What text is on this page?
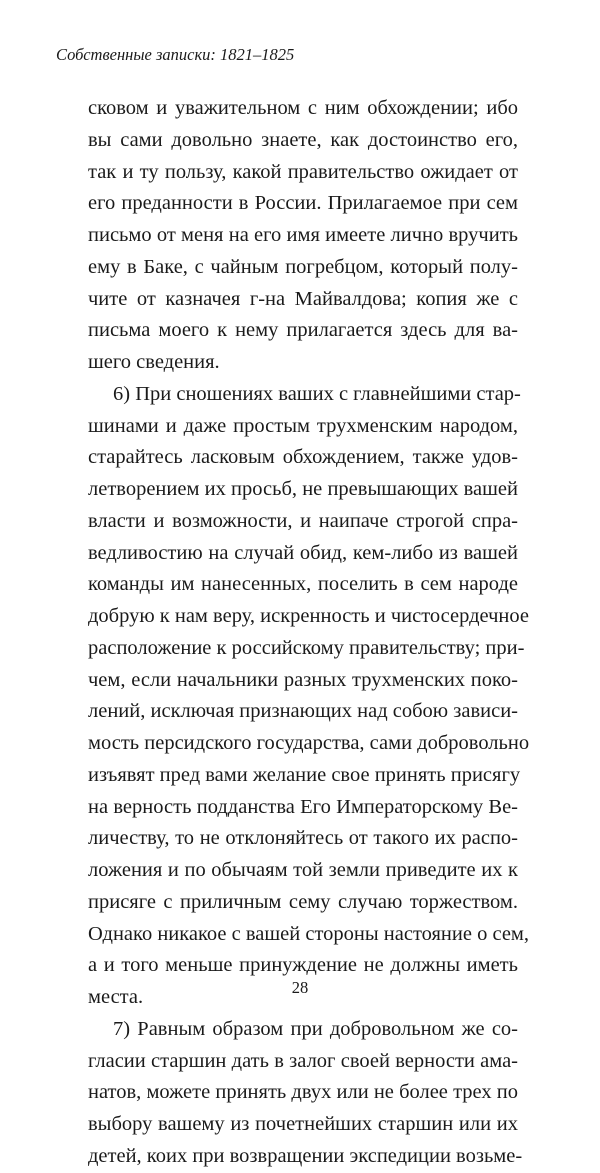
Собственные записки: 1821–1825
сковом и уважительном с ним обхождении; ибо
вы сами довольно знаете, как достоинство его,
так и ту пользу, какой правительство ожидает от
его преданности в России. Прилагаемое при сем
письмо от меня на его имя имеете лично вручить
ему в Баке, с чайным погребцом, который полу-
чите от казначея г-на Майвалдова; копия же с
письма моего к нему прилагается здесь для ва-
шего сведения.
6) При сношениях ваших с главнейшими стар-
шинами и даже простым трухменским народом,
старайтесь ласковым обхождением, также удов-
летворением их просьб, не превышающих вашей
власти и возможности, и наипаче строгой спра-
ведливостию на случай обид, кем-либо из вашей
команды им нанесенных, поселить в сем народе
добрую к нам веру, искренность и чистосердечное
расположение к российскому правительству; при-
чем, если начальники разных трухменских поко-
лений, исключая признающих над собою зависи-
мость персидского государства, сами добровольно
изъявят пред вами желание свое принять присягу
на верность подданства Его Императорскому Ве-
личеству, то не отклоняйтесь от такого их распо-
ложения и по обычаям той земли приведите их к
присяге с приличным сему случаю торжеством.
Однако никакое с вашей стороны настояние о сем,
а и того меньше принуждение не должны иметь
места.
7) Равным образом при добровольном же со-
гласии старшин дать в залог своей верности ама-
натов, можете принять двух или не более трех по
выбору вашему из почетнейших старшин или их
детей, коих при возвращении экспедиции возьме-
28
